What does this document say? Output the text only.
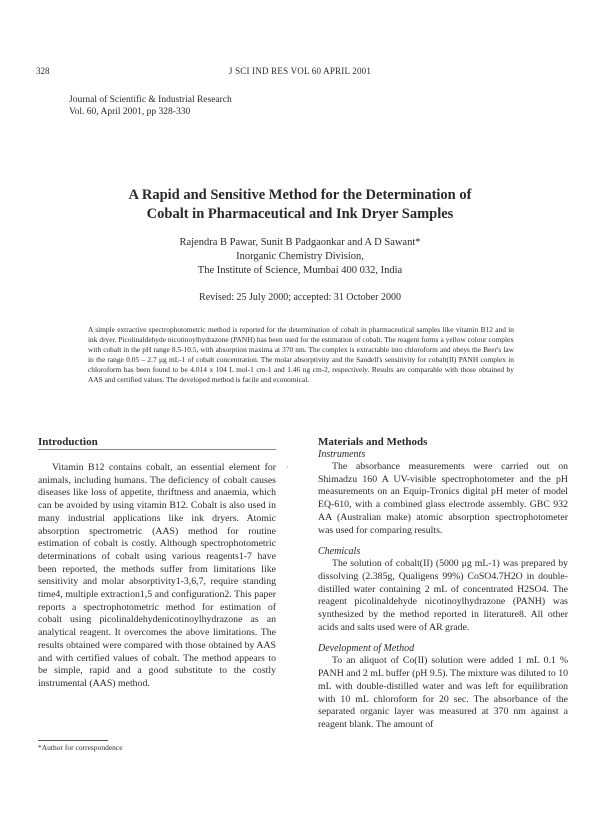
328	J SCI IND RES VOL 60 APRIL 2001
Journal of Scientific & Industrial Research
Vol. 60, April 2001, pp 328-330
A Rapid and Sensitive Method for the Determination of
Cobalt in Pharmaceutical and Ink Dryer Samples
Rajendra B Pawar, Sunit B Padgaonkar and A D Sawant*
Inorganic Chemistry Division,
The Institute of Science, Mumbai 400 032, India
Revised: 25 July 2000; accepted: 31 October 2000
A simple extractive spectrophotometric method is reported for the determination of cobalt in pharmaceutical samples like vitamin B12 and in ink dryer. Picolinaldehyde nicotinoylhydrazone (PANH) has been used for the estimation of cobalt. The reagent forms a yellow colour complex with cobalt in the pH range 8.5-10.5, with absorption maxima at 370 nm. The complex is extractable into chloroform and obeys the Beer's law in the range 0.05 – 2.7 μg mL-1 of cobalt concentration. The molar absorptivity and the Sandell's sensitivity for cobalt(II) PANH complex in chloroform has been found to be 4.014 x 104 L mol-1 cm-1 and 1.46 ng cm-2, respectively. Results are comparable with those obtained by AAS and certified values. The developed method is facile and economical.
Introduction

Vitamin B12 contains cobalt, an essential element for animals, including humans. The deficiency of cobalt causes diseases like loss of appetite, thriftness and anaemia, which can be avoided by using vitamin B12. Cobalt is also used in many industrial applications like ink dryers. Atomic absorption spectrometric (AAS) method for routine estimation of cobalt is costly. Although spectrophotometric determinations of cobalt using various reagents1-7 have been reported, the methods suffer from limitations like sensitivity and molar absorptivity1-3,6,7, require standing time4, multiple extraction1,5 and configuration2. This paper reports a spectrophotometric method for estimation of cobalt using picolinaldehydenicotinoylhydrazone as an analytical reagent. It overcomes the above limitations. The results obtained were compared with those obtained by AAS and with certified values of cobalt. The method appears to be simple, rapid and a good substitute to the costly instrumental (AAS) method.

·
Materials and Methods
Instruments

The absorbance measurements were carried out on Shimadzu 160 A UV-visible spectrophotometer and the pH measurements on an Equip-Tronics digital pH meter of model EQ-610, with a combined glass electrode assembly. GBC 932 AA (Australian make) atomic absorption spectrophotometer was used for comparing results.

Chemicals

The solution of cobalt(II) (5000 μg mL-1) was prepared by dissolving (2.385g, Qualigens 99%) CoSO4.7H2O in double-distilled water containing 2 mL of concentrated H2SO4. The reagent picolinaldehyde nicotinoylhydrazone (PANH) was synthesized by the method reported in literature8. All other acids and salts used were of AR grade.

Development of Method

To an aliquot of Co(II) solution were added 1 mL 0.1 % PANH and 2 mL buffer (pH 9.5). The mixture was diluted to 10 mL with double-distilled water and was left for equilibration with 10 mL chloroform for 20 sec. The absorbance of the separated organic layer was measured at 370 nm against a reagent blank. The amount of

*Author for correspondence
